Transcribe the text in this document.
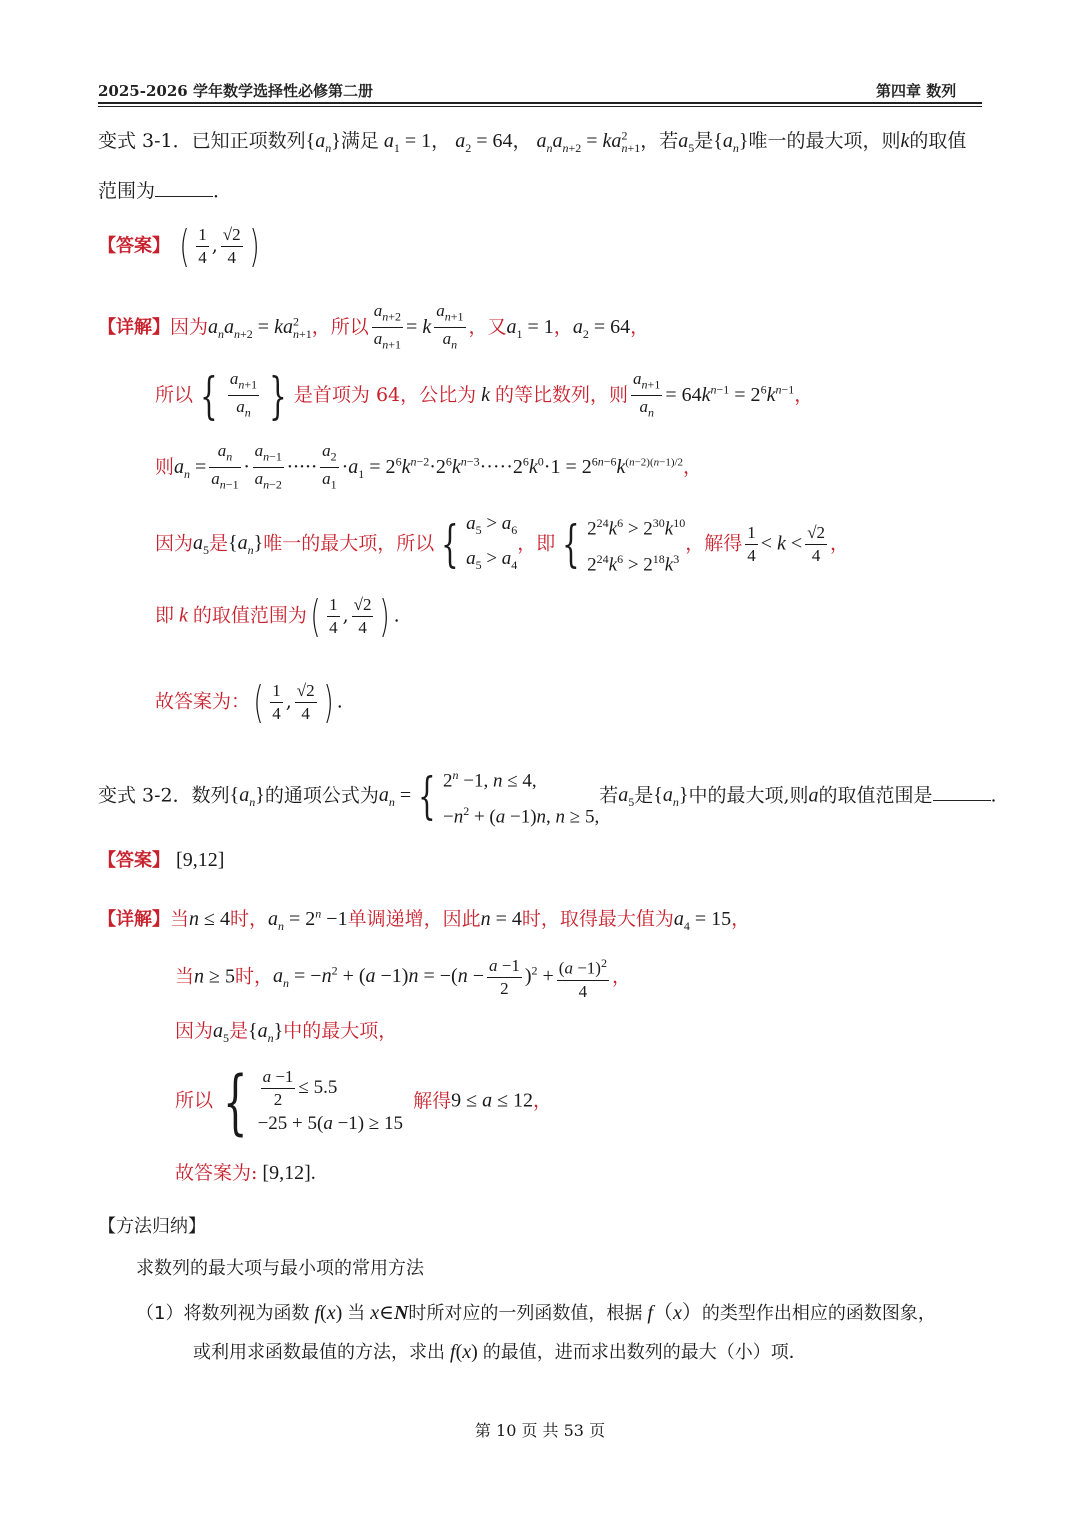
2025-2026 学年数学选择性必修第二册	第四章 数列
变式 3-1．已知正项数列$\{a_n\}$满足 $a_1 = 1$， $a_2 = 64$， $a_na_{n+2} = ka^2_{n+1}$，若$a_5$是$\{a_n\}$唯一的最大项，则k的取值
范围为	．
【答案】 ( $\frac{1}{4}$ , $\frac{√2}{4}$ )
【详解】因为$a_na_{n+2} = ka^2_{n+1}$，所以 $\frac{a_{n+2}}{a_{n+1}} = k \frac{a_{n+1}}{a_n}$ ，又$a_1 = 1$，$a_2 = 64$，
所以 { $\frac{a_{n+1}}{a_n}$ } 是首项为 64，公比为 k 的等比数列，则 $\frac{a_{n+1}}{a_n} = 64k^{n-1} = 2^6k^{n-1}$，
则$a_n = \frac{a_n}{a_{n-1}} \cdot \frac{a_{n-1}}{a_{n-2}}$ ····· $\frac{a_2}{a_1} \cdot a_1 = 2^6k^{n-2}\cdot 2^6k^{n-3}\cdot\cdot\cdot\cdot\cdot 2^6k^0\cdot 1 = 2^{6n-6}k^{(n-2)(n-1)/2}$，
因为$a_5$是$\{a_n\}$唯一的最大项，所以 { $a_5 > a_6$
$a_5 > a_4$
，即 { $2^{24}k^6 > 2^{30}k^{10}$
$2^{24}k^6 > 2^{18}k^3$
，解得 $\frac{1}{4} < k < \frac{√2}{4}$ ，
即 k 的取值范围为( $\frac{1}{4}$ , $\frac{√2}{4}$ ) .
故答案为：( $\frac{1}{4}$ , $\frac{√2}{4}$ ) .
变式 3-2．数列$\{a_n\}$的通项公式为$a_n$ = { $2^n -1$, n ≤ 4,
$-n^2 + (a -1)n$, n ≥ 5,
若$a_5$是$\{a_n\}$中的最大项,则a的取值范围是	.
【答案】 [9,12]
【详解】当n ≤ 4时，$a_n = 2^n -1$单调递增，因此n = 4时，取得最大值为$a_4 = 15$，
当n ≥ 5时，$a_n = -n^2 + (a -1)n = -(n - \frac{a -1}{2} )^2 + \frac{(a -1)^2}{4}$ ，
因为$a_5$是$\{a_n\}$中的最大项，
所以 { $\frac{a -1}{2} \le 5.5$
−25 + 5(a −1) ≥ 15
解得9 ≤ a ≤ 12，
故答案为: [9,12].
【方法归纳】
求数列的最大项与最小项的常用方法
（1）将数列视为函数 f(x) 当 x∈N时所对应的一列函数值，根据 f（x）的类型作出相应的函数图象，
或利用求函数最值的方法，求出 f(x) 的最值，进而求出数列的最大（小）项．
第 10 页 共 53 页
